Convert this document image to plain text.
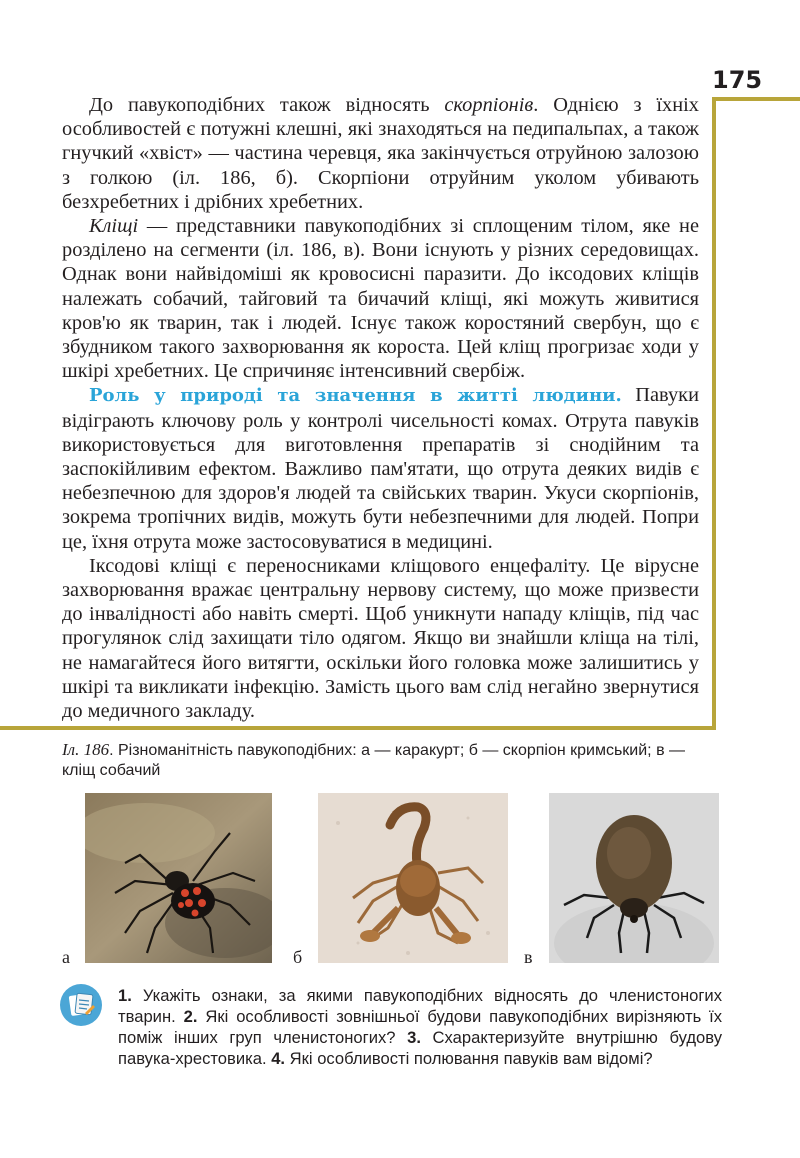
175

До павукоподібних також відносять скорпіонів. Однією з їхніх особливостей є потужні клешні, які знаходяться на педипальпах, а також гнучкий «хвіст» — частина черевця, яка закінчується отруйною залозою з голкою (іл. 186, б). Скорпіони отруйним уколом убивають безхребетних і дрібних хребетних.

Кліщі — представники павукоподібних зі сплощеним тілом, яке не розділено на сегменти (іл. 186, в). Вони існують у різних середовищах. Однак вони найвідоміші як кровосисні паразити. До іксодових кліщів належать собачий, тайговий та бичачий кліщі, які можуть живитися кров'ю як тварин, так і людей. Існує також коростяний свербун, що є збудником такого захворювання як короста. Цей кліщ прогризає ходи у шкірі хребетних. Це спричиняє інтенсивний свербіж.

Роль у природі та значення в житті людини. Павуки відіграють ключову роль у контролі чисельності комах. Отрута павуків використовується для виготовлення препаратів зі снодійним та заспокійливим ефектом. Важливо пам'ятати, що отрута деяких видів є небезпечною для здоров'я людей та свійських тварин. Укуси скорпіонів, зокрема тропічних видів, можуть бути небезпечними для людей. Попри це, їхня отрута може застосовуватися в медицині.

Іксодові кліщі є переносниками кліщового енцефаліту. Це вірусне захворювання вражає центральну нервову систему, що може призвести до інвалідності або навіть смерті. Щоб уникнути нападу кліщів, під час прогулянок слід захищати тіло одягом. Якщо ви знайшли кліща на тілі, не намагайтеся його витягти, оскільки його головка може залишитись у шкірі та викликати інфекцію. Замість цього вам слід негайно звернутися до медичного закладу.

Іл. 186. Різноманітність павукоподібних: а — каракурт; б — скорпіон кримський; в — кліщ собачий
а	б	в
1. Укажіть ознаки, за якими павукоподібних відносять до членистоногих тварин. 2. Які особливості зовнішньої будови павукоподібних вирізняють їх поміж інших груп членистоногих? 3. Схарактеризуйте внутрішню будову павука-хрестовика. 4. Які особливості полювання павуків вам відомі?
